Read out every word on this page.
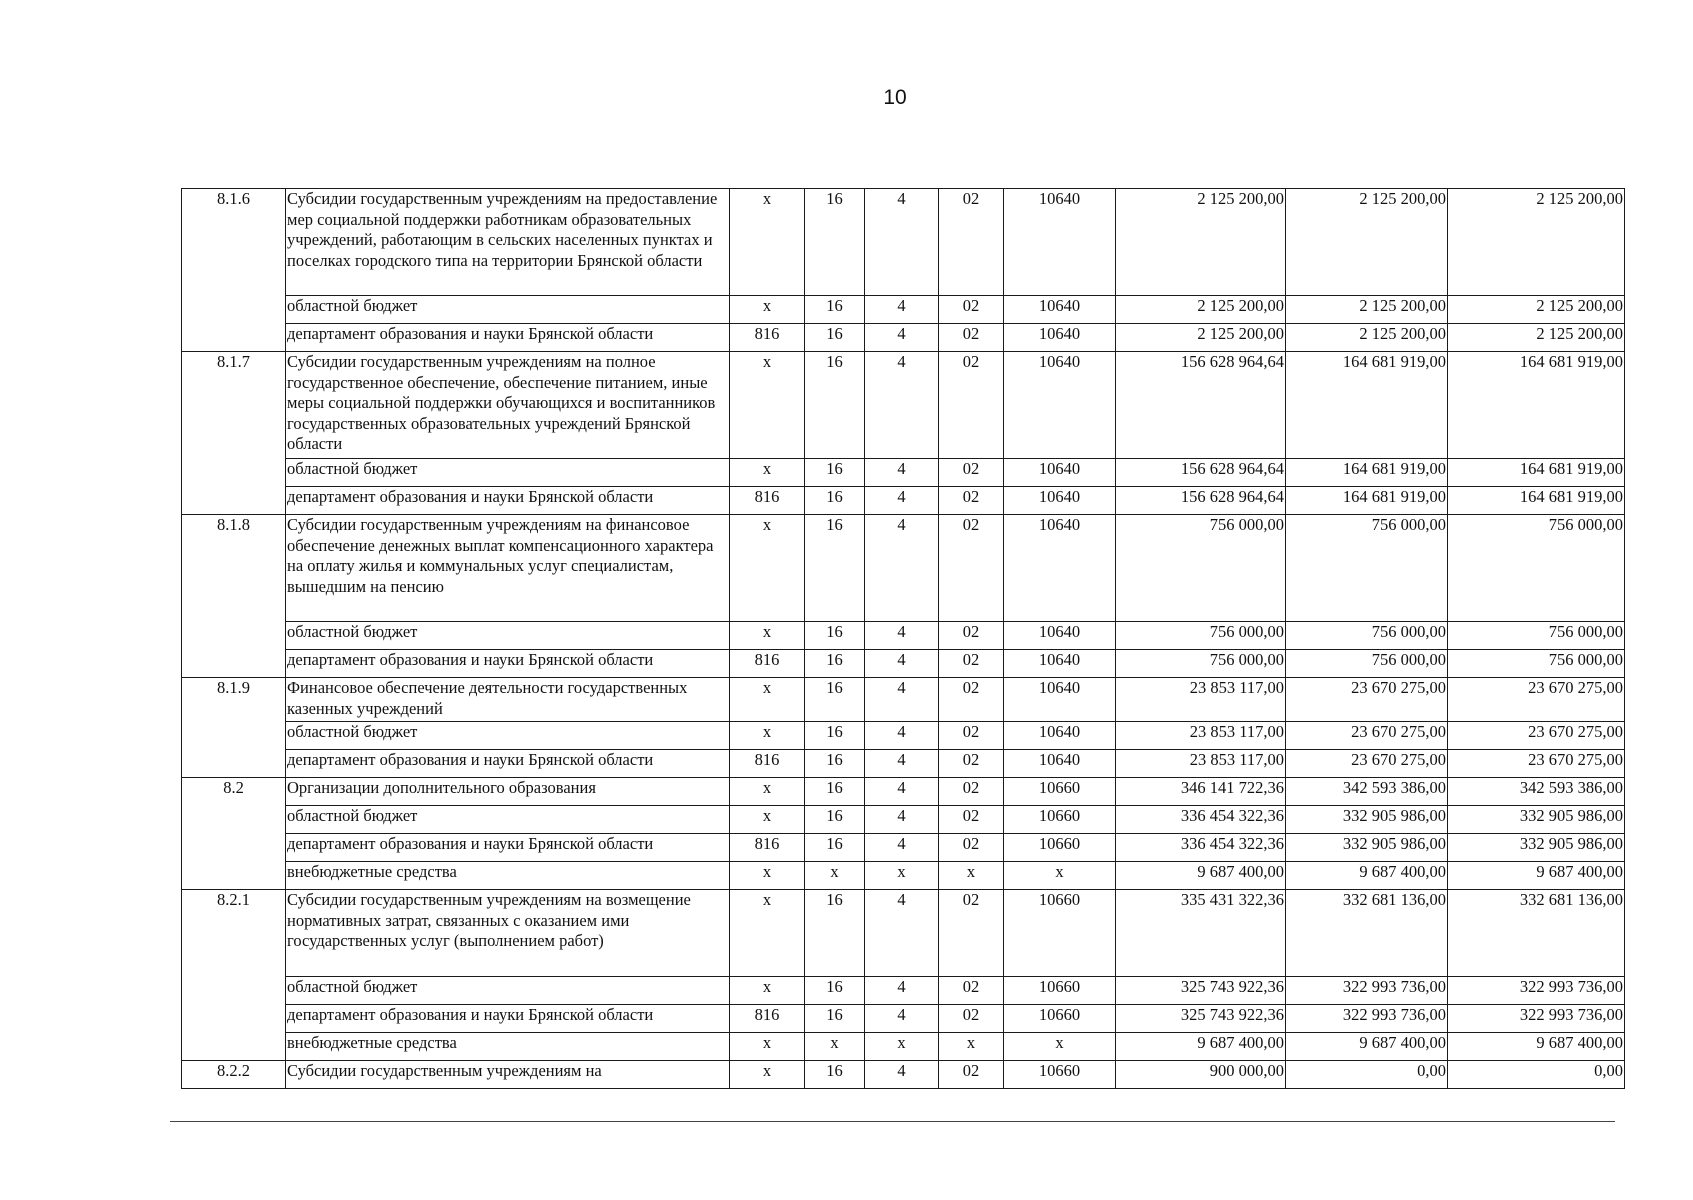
10
8.1.6	Субсидии государственным учреждениям на предоставление мер социальной поддержки работникам образовательных учреждений, работающим в сельских населенных пунктах и поселках городского типа на территории Брянской области	х	16	4	02	10640	2 125 200,00	2 125 200,00	2 125 200,00
	областной бюджет	х	16	4	02	10640	2 125 200,00	2 125 200,00	2 125 200,00
	департамент образования и науки Брянской области	816	16	4	02	10640	2 125 200,00	2 125 200,00	2 125 200,00
8.1.7	Субсидии государственным учреждениям на полное государственное обеспечение, обеспечение питанием, иные меры социальной поддержки обучающихся и воспитанников государственных образовательных учреждений Брянской области	х	16	4	02	10640	156 628 964,64	164 681 919,00	164 681 919,00
	областной бюджет	х	16	4	02	10640	156 628 964,64	164 681 919,00	164 681 919,00
	департамент образования и науки Брянской области	816	16	4	02	10640	156 628 964,64	164 681 919,00	164 681 919,00
8.1.8	Субсидии государственным учреждениям на финансовое обеспечение денежных выплат компенсационного характера на оплату жилья и коммунальных услуг специалистам, вышедшим на пенсию	х	16	4	02	10640	756 000,00	756 000,00	756 000,00
	областной бюджет	х	16	4	02	10640	756 000,00	756 000,00	756 000,00
	департамент образования и науки Брянской области	816	16	4	02	10640	756 000,00	756 000,00	756 000,00
8.1.9	Финансовое обеспечение деятельности государственных казенных учреждений	х	16	4	02	10640	23 853 117,00	23 670 275,00	23 670 275,00
	областной бюджет	х	16	4	02	10640	23 853 117,00	23 670 275,00	23 670 275,00
	департамент образования и науки Брянской области	816	16	4	02	10640	23 853 117,00	23 670 275,00	23 670 275,00
8.2	Организации дополнительного образования	х	16	4	02	10660	346 141 722,36	342 593 386,00	342 593 386,00
	областной бюджет	х	16	4	02	10660	336 454 322,36	332 905 986,00	332 905 986,00
	департамент образования и науки Брянской области	816	16	4	02	10660	336 454 322,36	332 905 986,00	332 905 986,00
	внебюджетные средства	х	х	х	х	х	9 687 400,00	9 687 400,00	9 687 400,00
8.2.1	Субсидии государственным учреждениям на возмещение нормативных затрат, связанных с оказанием ими государственных услуг (выполнением работ)	х	16	4	02	10660	335 431 322,36	332 681 136,00	332 681 136,00
	областной бюджет	х	16	4	02	10660	325 743 922,36	322 993 736,00	322 993 736,00
	департамент образования и науки Брянской области	816	16	4	02	10660	325 743 922,36	322 993 736,00	322 993 736,00
	внебюджетные средства	х	х	х	х	х	9 687 400,00	9 687 400,00	9 687 400,00
8.2.2	Субсидии государственным учреждениям на	х	16	4	02	10660	900 000,00	0,00	0,00
